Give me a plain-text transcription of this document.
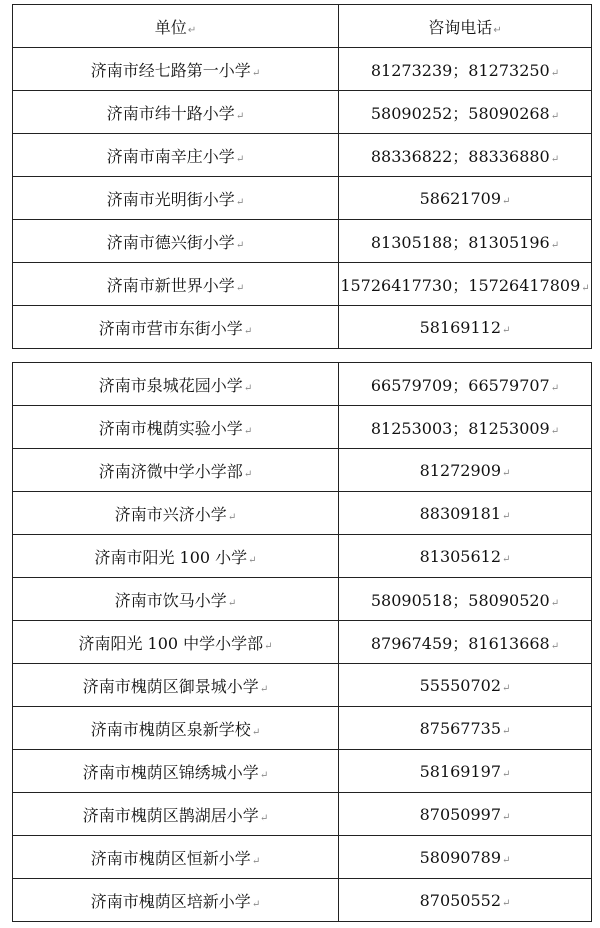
单位↵	咨询电话↵
济南市经七路第一小学↵	81273239；81273250↵
济南市纬十路小学↵	58090252；58090268↵
济南市南辛庄小学↵	88336822；88336880↵
济南市光明街小学↵	58621709↵
济南市德兴街小学↵	81305188；81305196↵
济南市新世界小学↵	15726417730；15726417809↵
济南市营市东街小学↵	58169112↵
济南市泉城花园小学↵	66579709；66579707↵
济南市槐荫实验小学↵	81253003；81253009↵
济南济微中学小学部↵	81272909↵
济南市兴济小学↵	88309181↵
济南市阳光 100 小学↵	81305612↵
济南市饮马小学↵	58090518；58090520↵
济南阳光 100 中学小学部↵	87967459；81613668↵
济南市槐荫区御景城小学↵	55550702↵
济南市槐荫区泉新学校↵	87567735↵
济南市槐荫区锦绣城小学↵	58169197↵
济南市槐荫区鹊湖居小学↵	87050997↵
济南市槐荫区恒新小学↵	58090789↵
济南市槐荫区培新小学↵	87050552↵
